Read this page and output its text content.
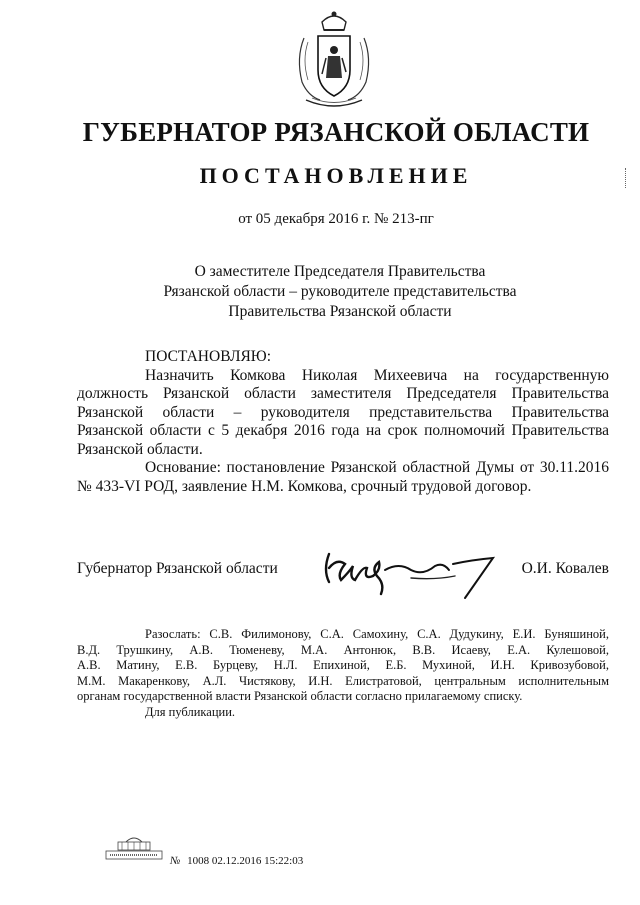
ГУБЕРНАТОР РЯЗАНСКОЙ ОБЛАСТИ
ПОСТАНОВЛЕНИЕ
от 05 декабря 2016 г. № 213-пг
О заместителе Председателя Правительства
Рязанской области – руководителе представительства
Правительства Рязанской области
ПОСТАНОВЛЯЮ:
Назначить Комкова Николая Михеевича на государственную
должность Рязанской области заместителя Председателя Правительства
Рязанской области – руководителя представительства Правительства
Рязанской области с 5 декабря 2016 года на срок полномочий Правительства
Рязанской области.
Основание: постановление Рязанской областной Думы от 30.11.2016
№ 433-VI РОД, заявление Н.М. Комкова, срочный трудовой договор.
Губернатор Рязанской области	О.И. Ковалев
Разослать: С.В. Филимонову, С.А. Самохину, С.А. Дудукину, Е.И. Буняшиной,
В.Д. Трушкину, А.В. Тюменеву, М.А. Антонюк, В.В. Исаеву, Е.А. Кулешовой,
А.В. Матину, Е.В. Бурцеву, Н.Л. Епихиной, Е.Б. Мухиной, И.Н. Кривозубовой,
М.М. Макаренкову, А.Л. Чистякову, И.Н. Елистратовой, центральным исполнительным
органам государственной власти Рязанской области согласно прилагаемому списку.
Для публикации.
№ 1008 02.12.2016 15:22:03
